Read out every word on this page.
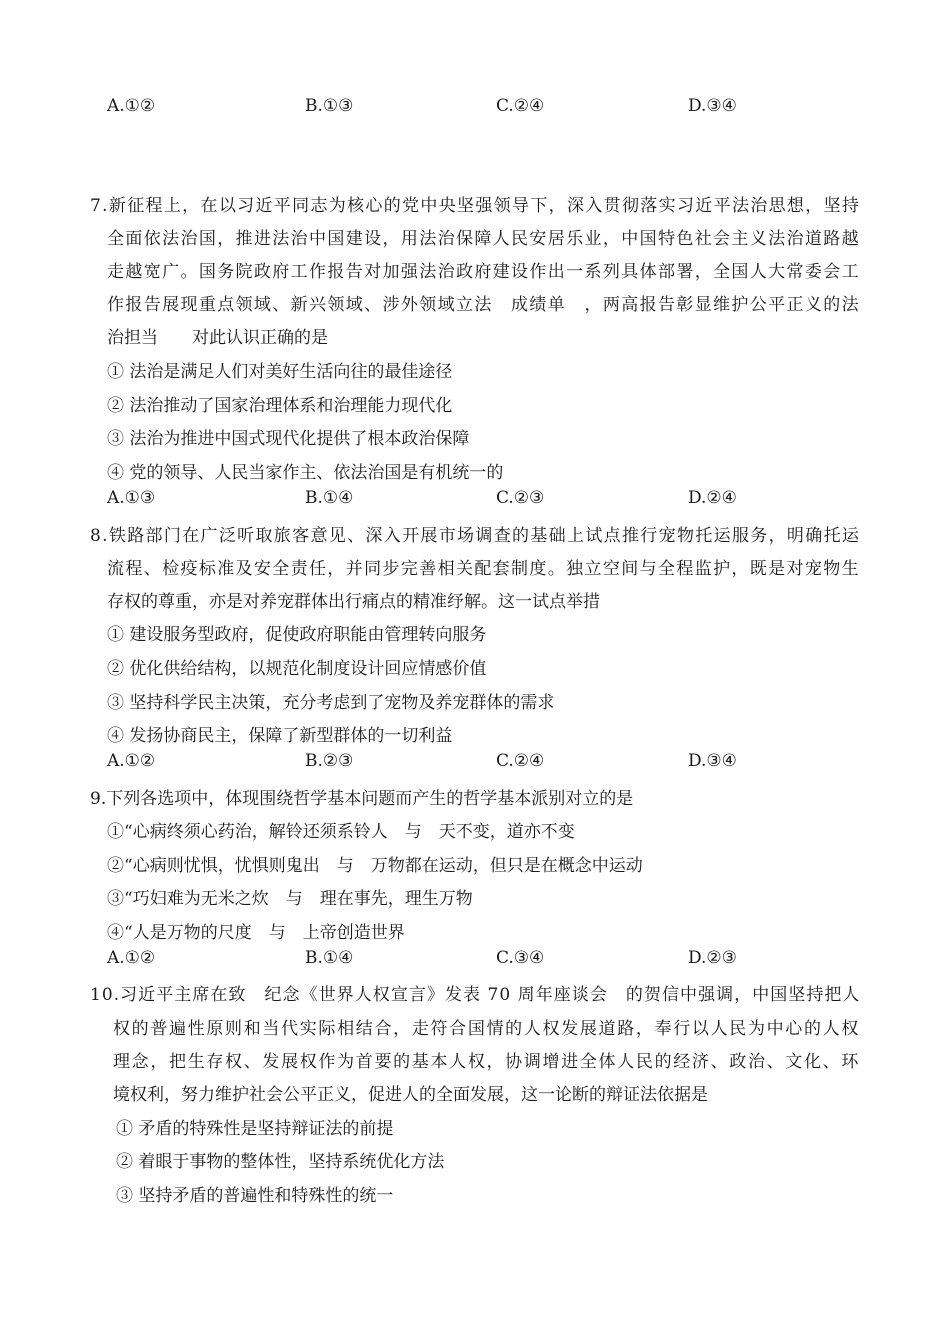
A.①②	B.①③	C.②④	D.③④
7.新征程上，在以习近平同志为核心的党中央坚强领导下，深入贯彻落实习近平法治思想，坚持
全面依法治国，推进法治中国建设，用法治保障人民安居乐业，中国特色社会主义法治道路越
走越宽广。国务院政府工作报告对加强法治政府建设作出一系列具体部署，全国人大常委会工
作报告展现重点领域、新兴领域、涉外领域立法　成绩单　，两高报告彰显维护公平正义的法
治担当　　对此认识正确的是
① 法治是满足人们对美好生活向往的最佳途径
② 法治推动了国家治理体系和治理能力现代化
③ 法治为推进中国式现代化提供了根本政治保障
④ 党的领导、人民当家作主、依法治国是有机统一的
A.①③	B.①④	C.②③	D.②④
8.铁路部门在广泛听取旅客意见、深入开展市场调查的基础上试点推行宠物托运服务，明确托运
流程、检疫标准及安全责任，并同步完善相关配套制度。独立空间与全程监护，既是对宠物生
存权的尊重，亦是对养宠群体出行痛点的精准纾解。这一试点举措
① 建设服务型政府，促使政府职能由管理转向服务
② 优化供给结构，以规范化制度设计回应情感价值
③ 坚持科学民主决策，充分考虑到了宠物及养宠群体的需求
④ 发扬协商民主，保障了新型群体的一切利益
A.①②	B.②③	C.②④	D.③④
9.下列各选项中，体现围绕哲学基本问题而产生的哲学基本派别对立的是
①“心病终须心药治，解铃还须系铃人　与　天不变，道亦不变
②“心病则忧惧，忧惧则鬼出　与　万物都在运动，但只是在概念中运动
③“巧妇难为无米之炊　与　理在事先，理生万物
④“人是万物的尺度　与　上帝创造世界
A.①②	B.①④	C.③④	D.②③
10.习近平主席在致　纪念《世界人权宣言》发表 70 周年座谈会　的贺信中强调，中国坚持把人
权的普遍性原则和当代实际相结合，走符合国情的人权发展道路，奉行以人民为中心的人权
理念，把生存权、发展权作为首要的基本人权，协调增进全体人民的经济、政治、文化、环
境权利，努力维护社会公平正义，促进人的全面发展，这一论断的辩证法依据是
① 矛盾的特殊性是坚持辩证法的前提
② 着眼于事物的整体性，坚持系统优化方法
③ 坚持矛盾的普遍性和特殊性的统一
